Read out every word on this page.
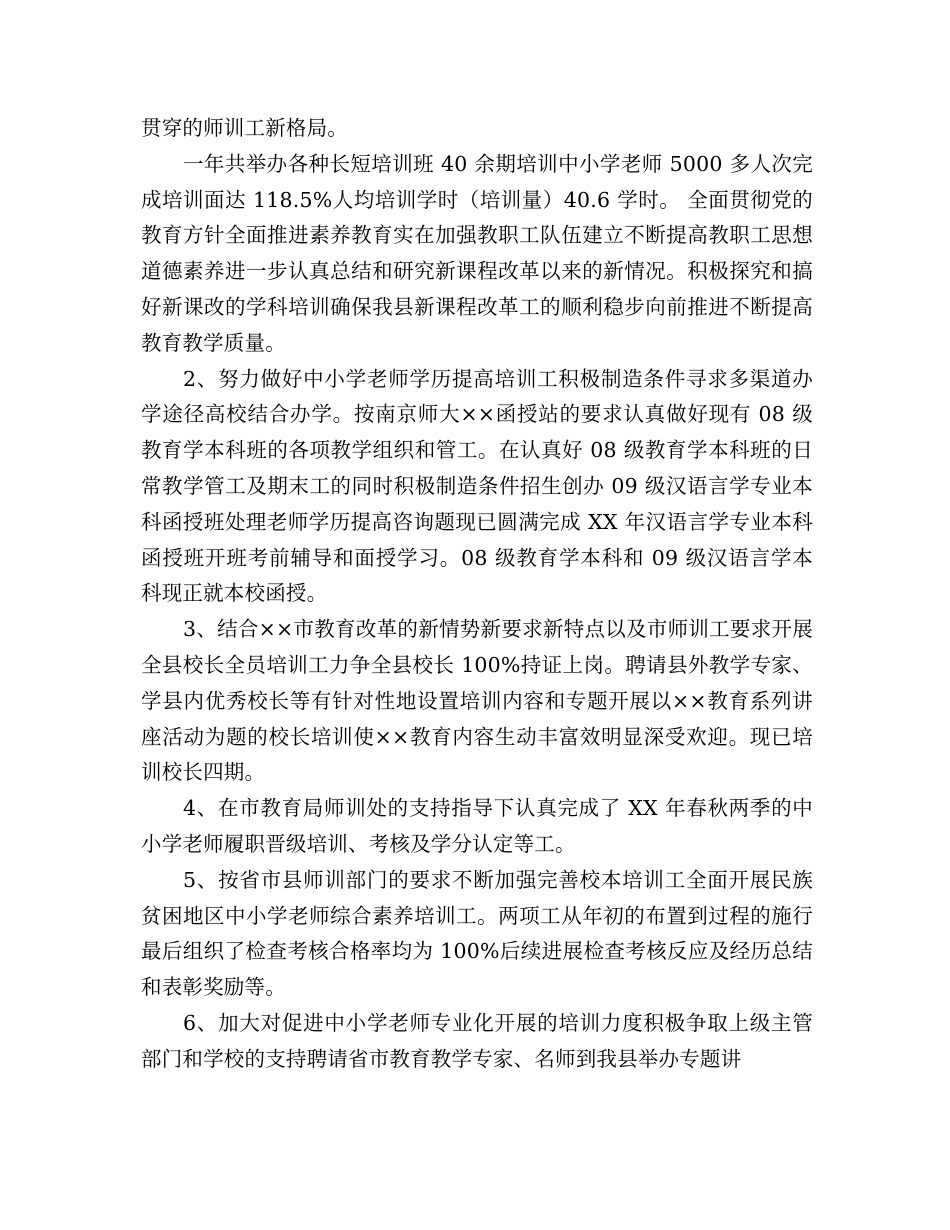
贯穿的师训工新格局。

一年共举办各种长短培训班 40 余期培训中小学老师 5000 多人次完成培训面达 118.5%人均培训学时（培训量）40.6 学时。 全面贯彻党的教育方针全面推进素养教育实在加强教职工队伍建立不断提高教职工思想道德素养进一步认真总结和研究新课程改革以来的新情况。积极探究和搞好新课改的学科培训确保我县新课程改革工的顺利稳步向前推进不断提高教育教学质量。

2、努力做好中小学老师学历提高培训工积极制造条件寻求多渠道办学途径高校结合办学。按南京师大××函授站的要求认真做好现有 08 级教育学本科班的各项教学组织和管工。在认真好 08 级教育学本科班的日常教学管工及期末工的同时积极制造条件招生创办 09 级汉语言学专业本科函授班处理老师学历提高咨询题现已圆满完成 XX 年汉语言学专业本科函授班开班考前辅导和面授学习。08 级教育学本科和 09 级汉语言学本科现正就本校函授。

3、结合××市教育改革的新情势新要求新特点以及市师训工要求开展全县校长全员培训工力争全县校长 100%持证上岗。聘请县外教学专家、学县内优秀校长等有针对性地设置培训内容和专题开展以××教育系列讲座活动为题的校长培训使××教育内容生动丰富效明显深受欢迎。现已培训校长四期。

4、在市教育局师训处的支持指导下认真完成了 XX 年春秋两季的中小学老师履职晋级培训、考核及学分认定等工。

5、按省市县师训部门的要求不断加强完善校本培训工全面开展民族贫困地区中小学老师综合素养培训工。两项工从年初的布置到过程的施行最后组织了检查考核合格率均为 100%后续进展检查考核反应及经历总结和表彰奖励等。

6、加大对促进中小学老师专业化开展的培训力度积极争取上级主管部门和学校的支持聘请省市教育教学专家、名师到我县举办专题讲
